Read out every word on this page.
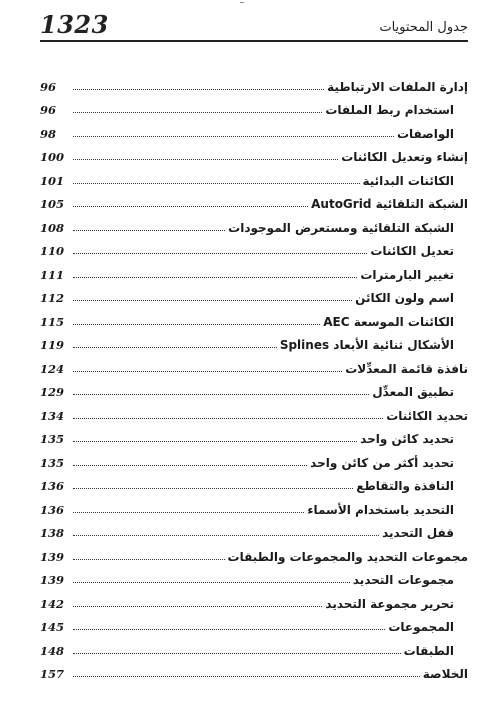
1323	جدول المحتويات
إدارة الملفات الارتباطية
96
استخدام ربط الملفات
96
الواصفات
98
إنشاء وتعديل الكائنات
100
الكائنات البدائية
101
الشبكة التلقائية AutoGrid
105
الشبكة التلقائية ومستعرض الموجودات
108
تعديل الكائنات
110
تغيير البارمترات
111
اسم ولون الكائن
112
الكائنات الموسعة AEC
115
الأشكال ثنائية الأبعاد Splines
119
نافذة قائمة المعدِّلات
124
تطبيق المعدِّل
129
تحديد الكائنات
134
تحديد كائن واحد
135
تحديد أكثر من كائن واحد
135
النافذة والتقاطع
136
التحديد باستخدام الأسماء
136
قفل التحديد
138
مجموعات التحديد والمجموعات والطبقات
139
مجموعات التحديد
139
تحرير مجموعة التحديد
142
المجموعات
145
الطبقات
148
الخلاصة
157
